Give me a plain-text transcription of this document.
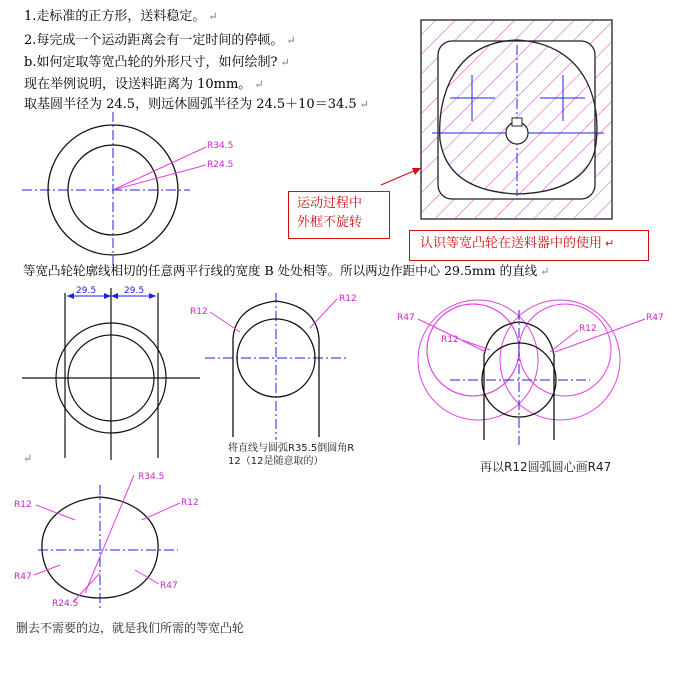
1.走标准的正方形，送料稳定。 ↵
2.每完成一个运动距离会有一定时间的停顿。 ↵
b.如何定取等宽凸轮的外形尺寸，如何绘制? ↵
现在举例说明，设送料距离为 10mm。 ↵
取基圆半径为 24.5，则远休圆弧半径为 24.5＋10＝34.5 ↵
R34.5
R24.5
运动过程中
外框不旋转
认识等宽凸轮在送料器中的使用 ↵
等宽凸轮轮廓线相切的任意两平行线的宽度 B 处处相等。所以两边作距中心 29.5mm 的直线 ↵
29.5	29.5
R12
R12
将直线与圆弧R35.5倒圆角R
12（12是随意取的）
R47
R12
R12
R47
再以R12圆弧圆心画R47
↵
R34.5
R12	R12
R47
R47
R24.5
删去不需要的边，就是我们所需的等宽凸轮
